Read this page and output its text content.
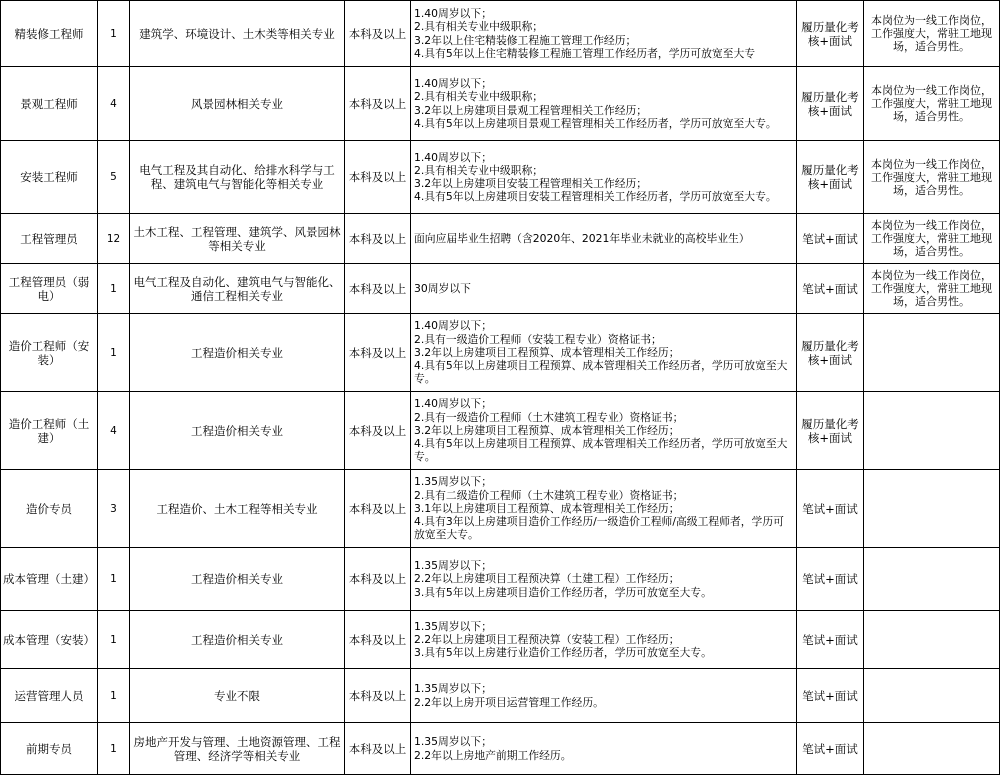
精装修工程师	1	建筑学、环境设计、土木类等相关专业	本科及以上	1.40周岁以下；
2.具有相关专业中级职称；
3.2年以上住宅精装修工程施工管理工作经历；
4.具有5年以上住宅精装修工程施工管理工作经历者，学历可放宽至大专	履历量化考核+面试	本岗位为一线工作岗位，工作强度大，常驻工地现场，适合男性。
景观工程师	4	风景园林相关专业	本科及以上	1.40周岁以下；
2.具有相关专业中级职称；
3.2年以上房建项目景观工程管理相关工作经历；
4.具有5年以上房建项目景观工程管理相关工作经历者，学历可放宽至大专。	履历量化考核+面试	本岗位为一线工作岗位，工作强度大，常驻工地现场，适合男性。
安装工程师	5	电气工程及其自动化、给排水科学与工程、建筑电气与智能化等相关专业	本科及以上	1.40周岁以下；
2.具有相关专业中级职称；
3.2年以上房建项目安装工程管理相关工作经历；
4.具有5年以上房建项目安装工程管理相关工作经历者，学历可放宽至大专。	履历量化考核+面试	本岗位为一线工作岗位，工作强度大，常驻工地现场，适合男性。
工程管理员	12	土木工程、工程管理、建筑学、风景园林等相关专业	本科及以上	面向应届毕业生招聘（含2020年、2021年毕业未就业的高校毕业生）	笔试+面试	本岗位为一线工作岗位，工作强度大，常驻工地现场，适合男性。
工程管理员（弱电）	1	电气工程及自动化、建筑电气与智能化、通信工程相关专业	本科及以上	30周岁以下	笔试+面试	本岗位为一线工作岗位，工作强度大，常驻工地现场，适合男性。
造价工程师（安装）	1	工程造价相关专业	本科及以上	1.40周岁以下；
2.具有一级造价工程师（安装工程专业）资格证书；
3.2年以上房建项目工程预算、成本管理相关工作经历；
4.具有5年以上房建项目工程预算、成本管理相关工作经历者，学历可放宽至大专。	履历量化考核+面试	
造价工程师（土建）	4	工程造价相关专业	本科及以上	1.40周岁以下；
2.具有一级造价工程师（土木建筑工程专业）资格证书；
3.2年以上房建项目工程预算、成本管理相关工作经历；
4.具有5年以上房建项目工程预算、成本管理相关工作经历者，学历可放宽至大专。	履历量化考核+面试	
造价专员	3	工程造价、土木工程等相关专业	本科及以上	1.35周岁以下；
2.具有二级造价工程师（土木建筑工程专业）资格证书；
3.1年以上房建项目工程预算、成本管理相关工作经历；
4.具有3年以上房建项目造价工作经历/一级造价工程师/高级工程师者，学历可放宽至大专。	笔试+面试	
成本管理（土建）	1	工程造价相关专业	本科及以上	1.35周岁以下；
2.2年以上房建项目工程预决算（土建工程）工作经历；
3.具有5年以上房建项目造价工作经历者，学历可放宽至大专。	笔试+面试	
成本管理（安装）	1	工程造价相关专业	本科及以上	1.35周岁以下；
2.2年以上房建项目工程预决算（安装工程）工作经历；
3.具有5年以上房建行业造价工作经历者，学历可放宽至大专。	笔试+面试	
运营管理人员	1	专业不限	本科及以上	1.35周岁以下；
2.2年以上房开项目运营管理工作经历。	笔试+面试	
前期专员	1	房地产开发与管理、土地资源管理、工程管理、经济学等相关专业	本科及以上	1.35周岁以下；
2.2年以上房地产前期工作经历。	笔试+面试	
